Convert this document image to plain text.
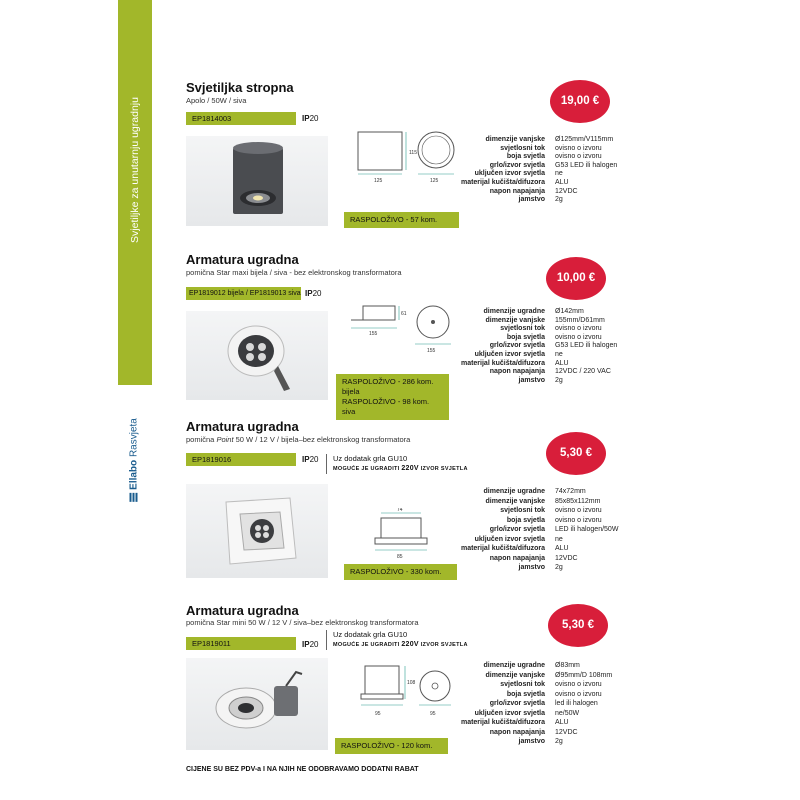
Svjetiljke za unutarnju ugradnju
Ellabo Rasvjeta
Svjetiljka stropna
Apolo / 50W / siva
EP1814003	IP20
19,00 €
115
125	125
RASPOLOŽIVO - 57 kom.
dimenzije vanjske	Ø125mm/V115mm
svjetlosni tok	ovisno o izvoru
boja svjetla	ovisno o izvoru
grlo/izvor svjetla	G53 LED ili halogen
uključen izvor svjetla	ne
materijal kučišta/difuzora	ALU
napon napajanja	12VDC
jamstvo	2g
Armatura ugradna
pomična Star maxi bijela / siva - bez elektronskog transformatora
EP1819012 bijela / EP1819013 siva IP20
10,00 €
61
155
155
RASPOLOŽIVO - 286 kom. bijela
RASPOLOŽIVO - 98 kom. siva
dimenzije ugradne	Ø142mm
dimenzije vanjske	155mm/D61mm
svjetlosni tok	ovisno o izvoru
boja svjetla	ovisno o izvoru
grlo/izvor svjetla	G53 LED ili halogen
uključen izvor svjetla	ne
materijal kučišta/difuzora	ALU
napon napajanja	12VDC / 220 VAC
jamstvo	2g
Armatura ugradna
pomična Point 50 W / 12 V / bijela–bez elektronskog transformatora
EP1819016	IP20 Uz dodatak grla GU10
MOGUĆE JE UGRADITI 220V IZVOR SVJETLA
5,30 €
74
85
RASPOLOŽIVO - 330 kom.
dimenzije ugradne	74x72mm
dimenzije vanjske	85x85x112mm
svjetlosni tok	ovisno o izvoru
boja svjetla	ovisno o izvoru
grlo/izvor svjetla	LED ili halogen/50W
uključen izvor svjetla	ne
materijal kučišta/difuzora	ALU
napon napajanja	12VDC
jamstvo	2g
Armatura ugradna
pomična Star mini 50 W / 12 V / siva–bez elektronskog transformatora
EP1819011	IP20
Uz dodatak grla GU10
MOGUĆE JE UGRADITI 220V IZVOR SVJETLA
5,30 €
108
95	95
RASPOLOŽIVO - 120 kom.
dimenzije ugradne	Ø83mm
dimenzije vanjske	Ø95mm/D 108mm
svjetlosni tok	ovisno o izvoru
boja svjetla	ovisno o izvoru
grlo/izvor svjetla	led ili halogen
uključen izvor svjetla	ne/50W
materijal kučišta/difuzora	ALU
napon napajanja	12VDC
jamstvo	2g
CIJENE SU BEZ PDV-a I NA NJIH NE ODOBRAVAMO DODATNI RABAT
